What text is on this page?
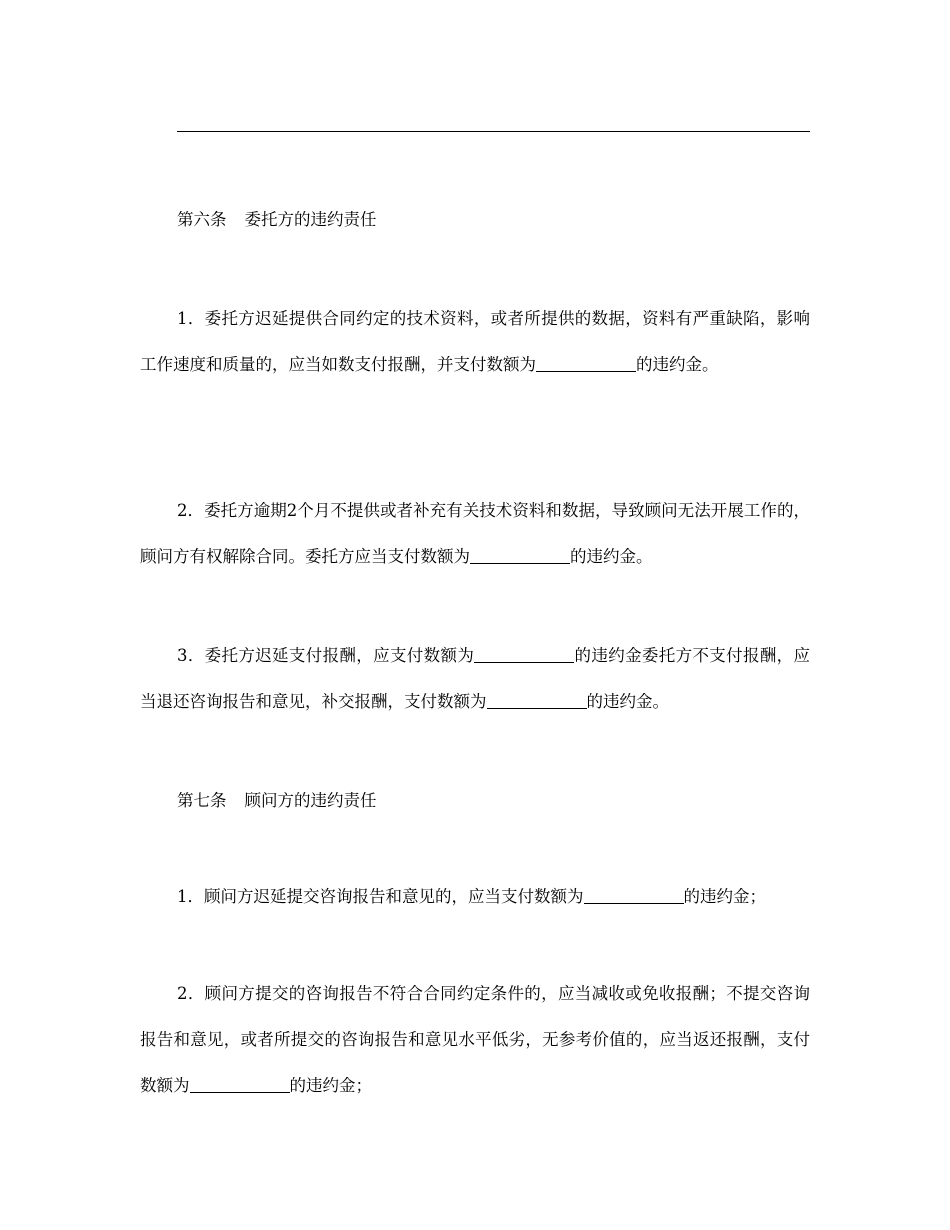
第六条 委托方的违约责任
1．委托方迟延提供合同约定的技术资料，或者所提供的数据，资料有严重缺陷，影响工作速度和质量的，应当如数支付报酬，并支付数额为	的违约金。
2．委托方逾期2个月不提供或者补充有关技术资料和数据，导致顾问无法开展工作的，顾问方有权解除合同。委托方应当支付数额为	的违约金。
3．委托方迟延支付报酬，应支付数额为	的违约金委托方不支付报酬，应当退还咨询报告和意见，补交报酬，支付数额为	的违约金。
第七条 顾问方的违约责任
1．顾问方迟延提交咨询报告和意见的，应当支付数额为	的违约金；
2．顾问方提交的咨询报告不符合合同约定条件的，应当减收或免收报酬；不提交咨询报告和意见，或者所提交的咨询报告和意见水平低劣，无参考价值的，应当返还报酬，支付数额为	的违约金；
